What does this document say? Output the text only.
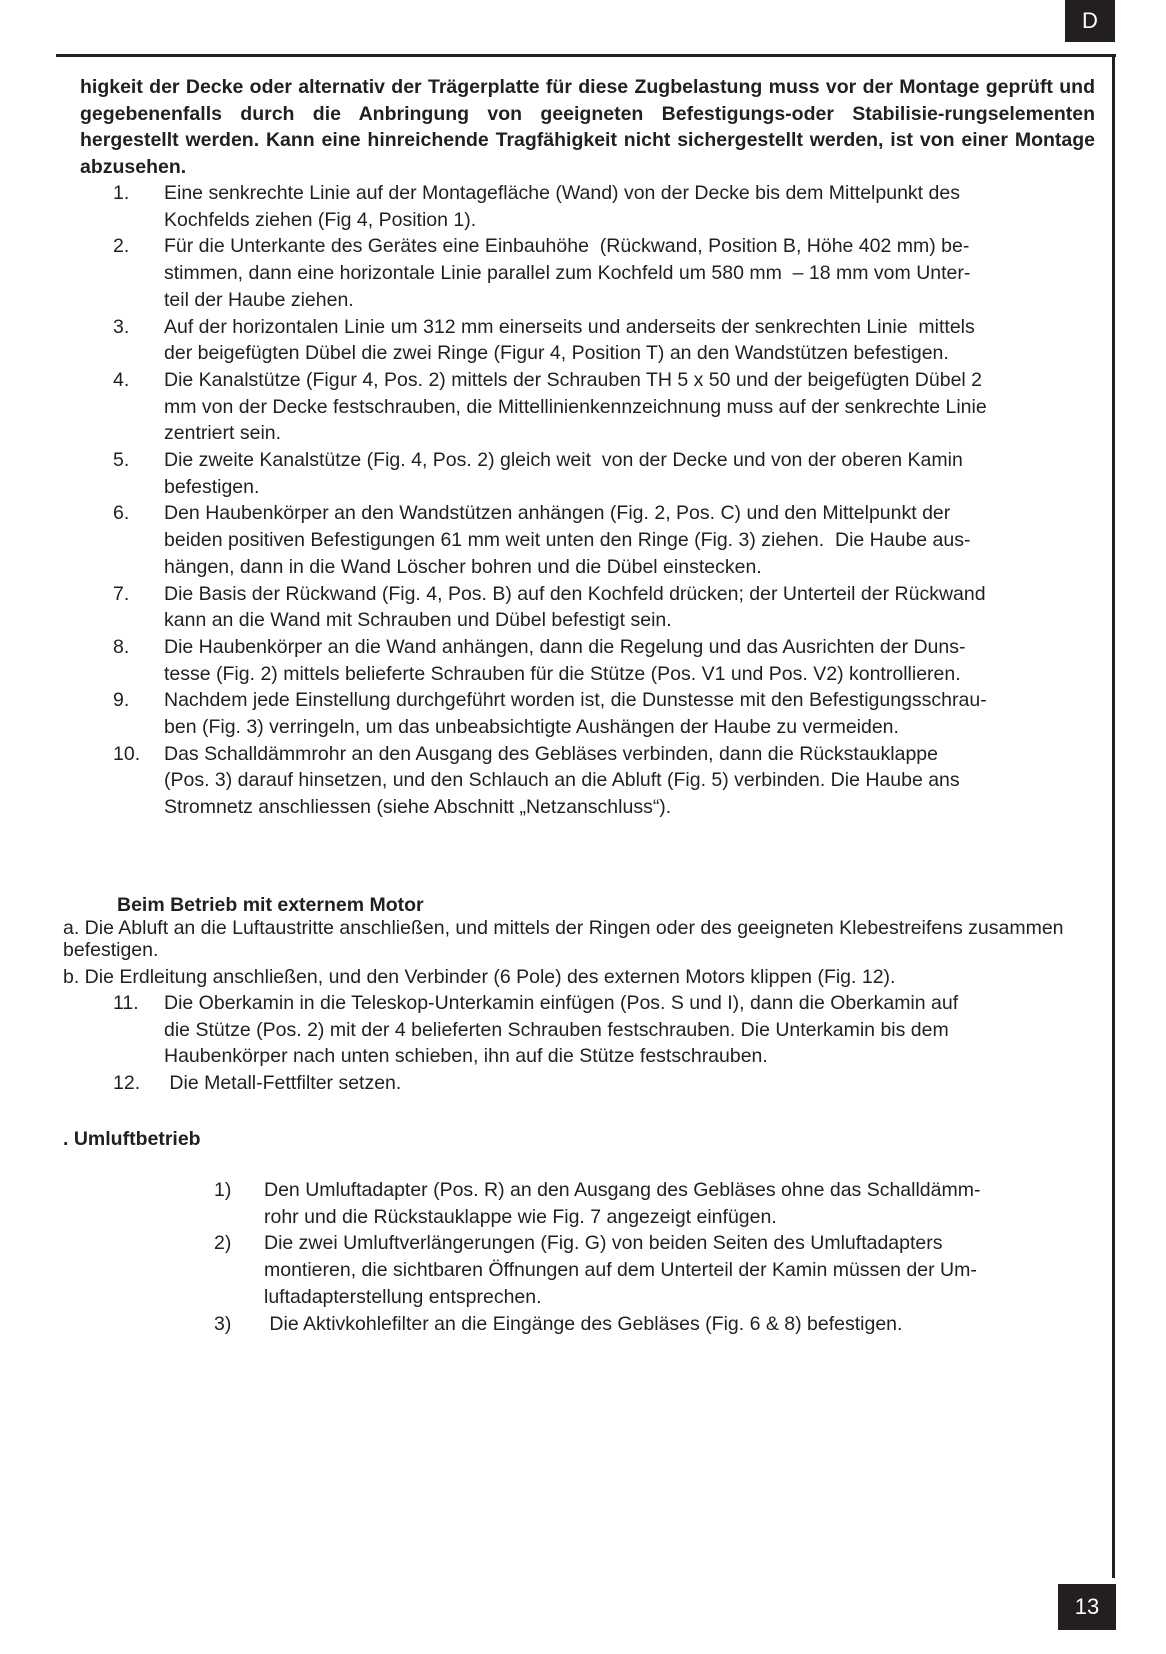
D

higkeit der Decke oder alternativ der Trägerplatte für diese Zugbelastung muss vor der Montage geprüft und gegebenenfalls durch die Anbringung von geeigneten Befestigungs-oder Stabilisie-rungselementen hergestellt werden. Kann eine hinreichende Tragfähigkeit nicht sichergestellt werden, ist von einer Montage abzusehen.

1. Eine senkrechte Linie auf der Montagefläche (Wand) von der Decke bis dem Mittelpunkt des
Kochfelds ziehen (Fig 4, Position 1).
2. Für die Unterkante des Gerätes eine Einbauhöhe  (Rückwand, Position B, Höhe 402 mm) be-
stimmen, dann eine horizontale Linie parallel zum Kochfeld um 580 mm  – 18 mm vom Unter-
teil der Haube ziehen.
3. Auf der horizontalen Linie um 312 mm einerseits und anderseits der senkrechten Linie  mittels
der beigefügten Dübel die zwei Ringe (Figur 4, Position T) an den Wandstützen befestigen.
4. Die Kanalstütze (Figur 4, Pos. 2) mittels der Schrauben TH 5 x 50 und der beigefügten Dübel 2
mm von der Decke festschrauben, die Mittellinienkennzeichnung muss auf der senkrechte Linie
zentriert sein.
5. Die zweite Kanalstütze (Fig. 4, Pos. 2) gleich weit  von der Decke und von der oberen Kamin
befestigen.
6. Den Haubenkörper an den Wandstützen anhängen (Fig. 2, Pos. C) und den Mittelpunkt der
beiden positiven Befestigungen 61 mm weit unten den Ringe (Fig. 3) ziehen.  Die Haube aus-
hängen, dann in die Wand Löscher bohren und die Dübel einstecken.
7. Die Basis der Rückwand (Fig. 4, Pos. B) auf den Kochfeld drücken; der Unterteil der Rückwand
kann an die Wand mit Schrauben und Dübel befestigt sein.
8. Die Haubenkörper an die Wand anhängen, dann die Regelung und das Ausrichten der Duns-
tesse (Fig. 2) mittels belieferte Schrauben für die Stütze (Pos. V1 und Pos. V2) kontrollieren.
9. Nachdem jede Einstellung durchgeführt worden ist, die Dunstesse mit den Befestigungsschrau-
ben (Fig. 3) verringeln, um das unbeabsichtigte Aushängen der Haube zu vermeiden.
10. Das Schalldämmrohr an den Ausgang des Gebläses verbinden, dann die Rückstauklappe
(Pos. 3) darauf hinsetzen, und den Schlauch an die Abluft (Fig. 5) verbinden. Die Haube ans
Stromnetz anschliessen (siehe Abschnitt „Netzanschluss“).

Beim Betrieb mit externem Motor

a. Die Abluft an die Luftaustritte anschließen, und mittels der Ringen oder des geeigneten Klebestreifens zusammen befestigen.

b. Die Erdleitung anschließen, und den Verbinder (6 Pole) des externen Motors klippen (Fig. 12).

11. Die Oberkamin in die Teleskop-Unterkamin einfügen (Pos. S und I), dann die Oberkamin auf
die Stütze (Pos. 2) mit der 4 belieferten Schrauben festschrauben. Die Unterkamin bis dem
Haubenkörper nach unten schieben, ihn auf die Stütze festschrauben.
12. Die Metall-Fettfilter setzen.

. Umluftbetrieb

1) Den Umluftadapter (Pos. R) an den Ausgang des Gebläses ohne das Schalldämm-
rohr und die Rückstauklappe wie Fig. 7 angezeigt einfügen.
2) Die zwei Umluftverlängerungen (Fig. G) von beiden Seiten des Umluftadapters
montieren, die sichtbaren Öffnungen auf dem Unterteil der Kamin müssen der Um-
luftadapterstellung entsprechen.
3) Die Aktivkohlefilter an die Eingänge des Gebläses (Fig. 6 & 8) befestigen.
13
